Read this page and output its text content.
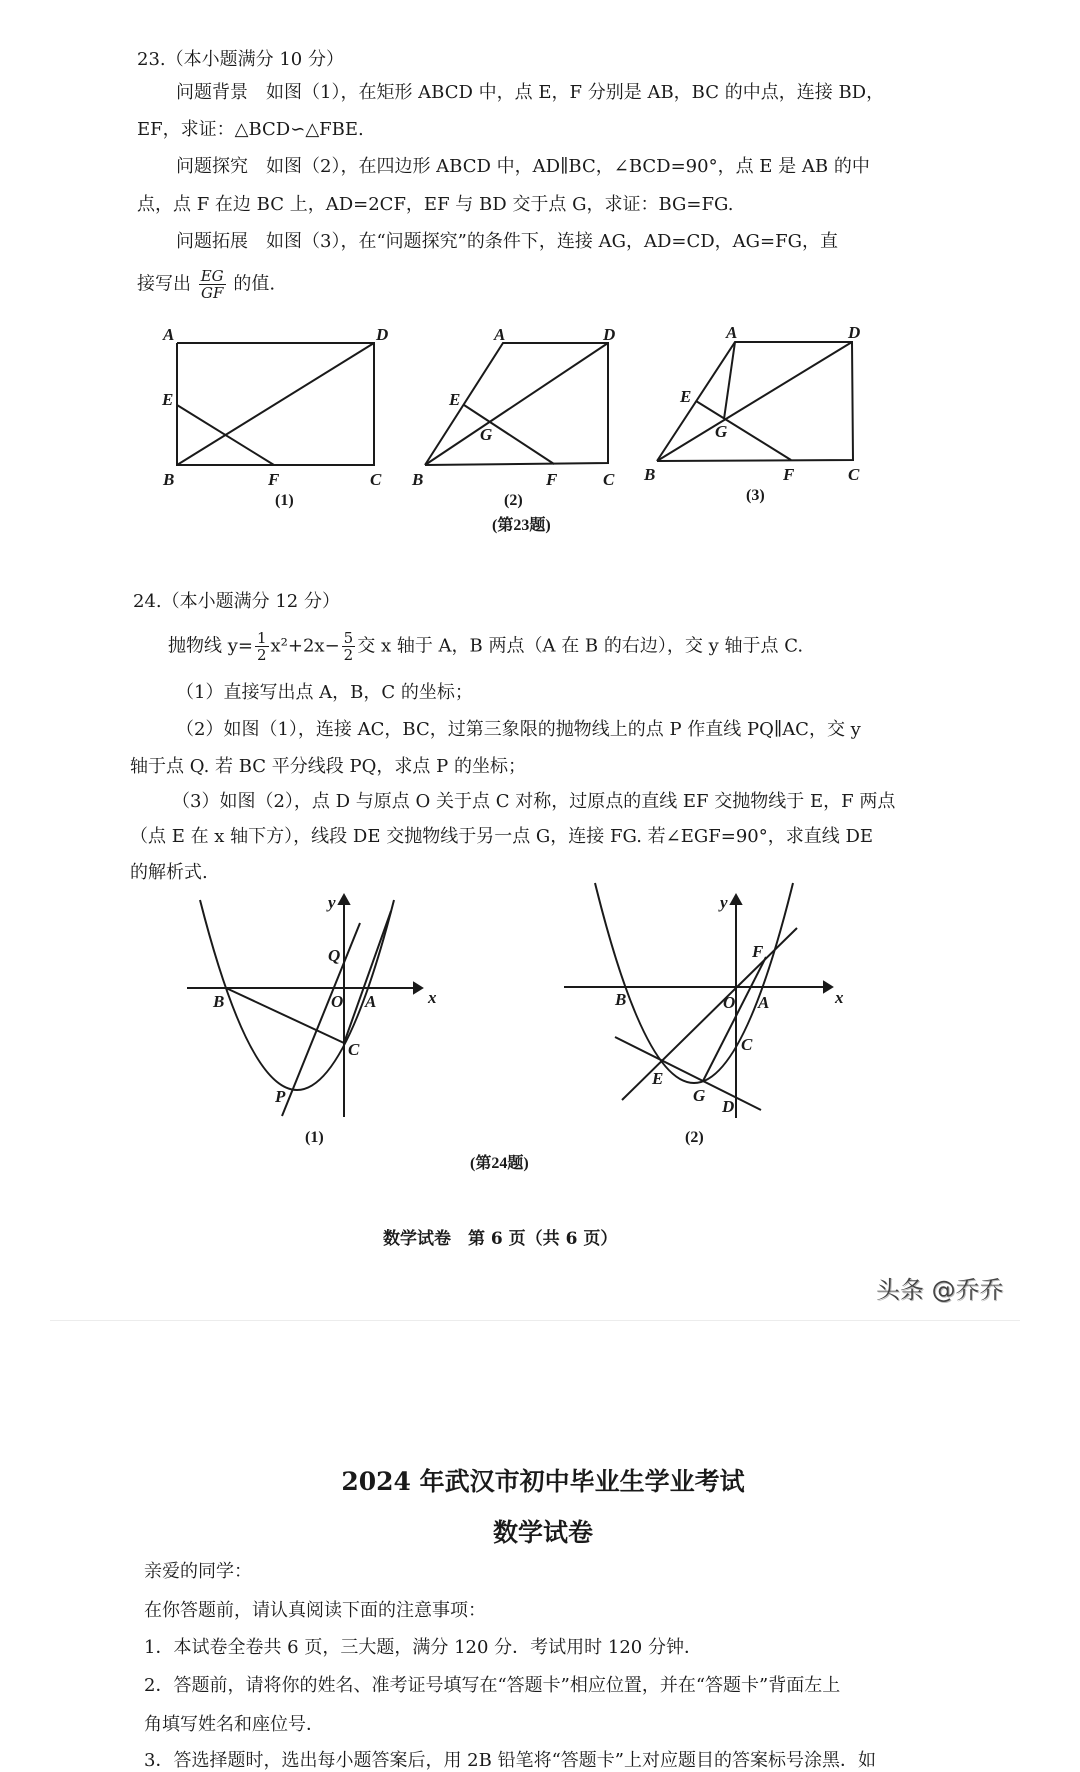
23.（本小题满分 10 分）
问题背景　如图（1），在矩形 ABCD 中，点 E，F 分别是 AB，BC 的中点，连接 BD，
EF，求证：△BCD∽△FBE.
问题探究　如图（2），在四边形 ABCD 中，AD∥BC，∠BCD=90°，点 E 是 AB 的中
点，点 F 在边 BC 上，AD=2CF，EF 与 BD 交于点 G，求证：BG=FG.
问题拓展　如图（3），在“问题探究”的条件下，连接 AG，AD=CD，AG=FG，直
接写出 $\frac{EG}{GF}$ 的值.
24.（本小题满分 12 分）
抛物线 $y= \frac{1}{2} x^2+2x- \frac{5}{2}$ 交 x 轴于 A，B 两点（A 在 B 的右边），交 y 轴于点 C.
（1）直接写出点 A，B，C 的坐标；
（2）如图（1），连接 AC，BC，过第三象限的抛物线上的点 P 作直线 PQ∥AC，交 y
轴于点 Q. 若 BC 平分线段 PQ，求点 P 的坐标；
（3）如图（2），点 D 与原点 O 关于点 C 对称，过原点的直线 EF 交抛物线于 E，F 两点
（点 E 在 x 轴下方），线段 DE 交抛物线于另一点 G，连接 FG. 若∠EGF=90°，求直线 DE
的解析式.
A	D
E
B	F	C
(1)
A	D
E
G
B	F	C
(2)
(第23题)
A	D
E
G
B	F	C
(3)
x
y
Q
B	O A
C
P
(1)
(第24题)
x
y
F
B	O A
C
E
G
D
(2)
数学试卷　第 6 页（共 6 页）
头条 @乔乔
2024 年武汉市初中毕业生学业考试
数学试卷
亲爱的同学：
在你答题前，请认真阅读下面的注意事项：
1．本试卷全卷共 6 页，三大题，满分 120 分．考试用时 120 分钟．
2．答题前，请将你的姓名、准考证号填写在“答题卡”相应位置，并在“答题卡”背面左上
角填写姓名和座位号．
3．答选择题时，选出每小题答案后，用 2B 铅笔将“答题卡”上对应题目的答案标号涂黑．如
